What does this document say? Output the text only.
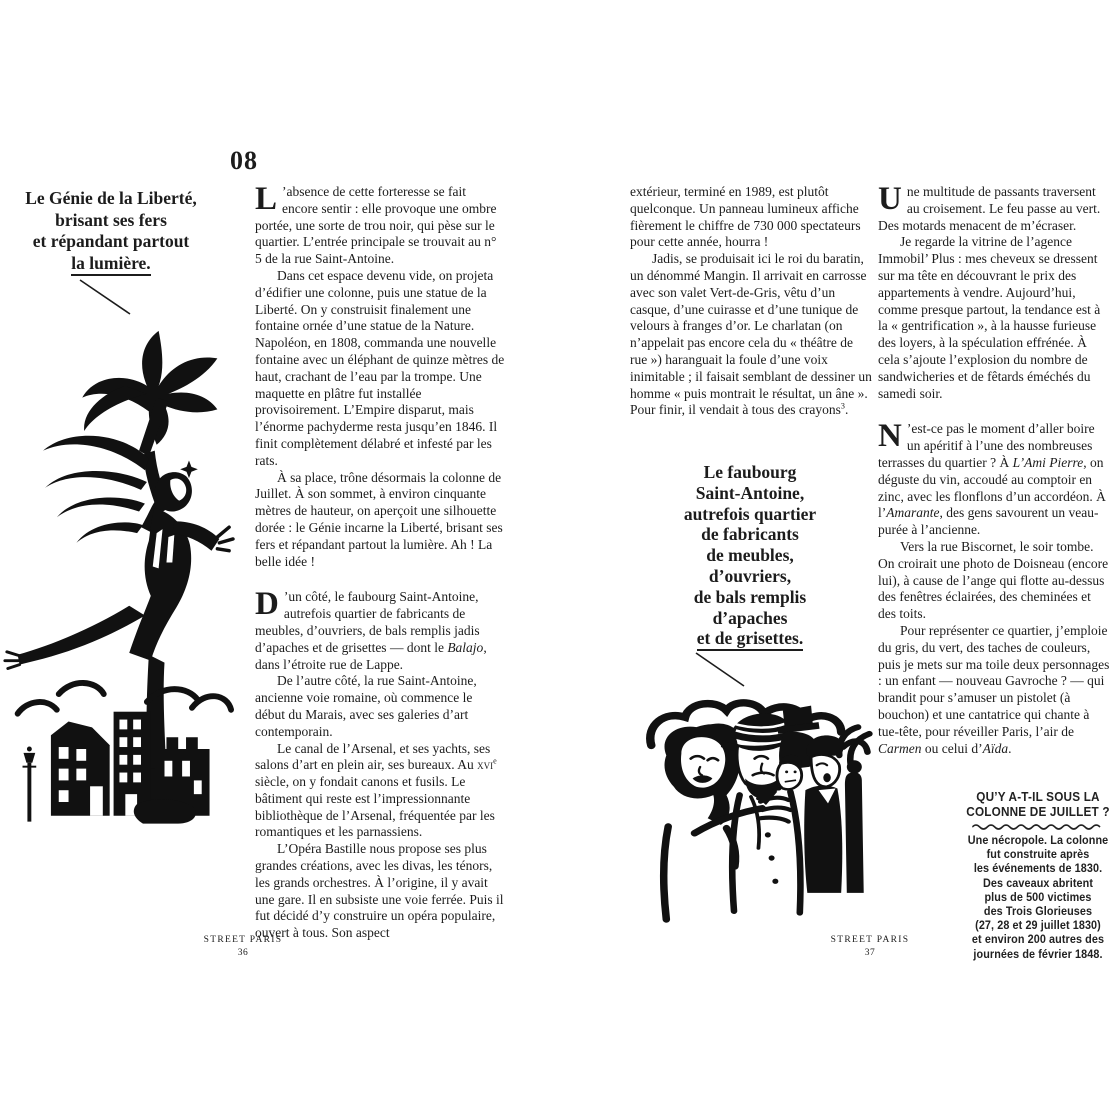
08
Le Génie de la Liberté,
brisant ses fers
et répandant partout
la lumière.

L ’absence de cette forteresse se fait encore sentir : elle provoque une ombre portée, une sorte de trou noir, qui pèse sur le quartier. L’entrée principale se trouvait au n° 5 de la rue Saint-Antoine.

Dans cet espace devenu vide, on projeta d’édifier une colonne, puis une statue de la Liberté. On y construisit finalement une fontaine ornée d’une statue de la Nature. Napoléon, en 1808, commanda une nouvelle fontaine avec un éléphant de quinze mètres de haut, crachant de l’eau par la trompe. Une maquette en plâtre fut installée provisoirement. L’Empire disparut, mais l’énorme pachyderme resta jusqu’en 1846. Il finit complètement délabré et infesté par les rats.

À sa place, trône désormais la colonne de Juillet. À son sommet, à environ cinquante mètres de hauteur, on aperçoit une silhouette dorée : le Génie incarne la Liberté, brisant ses fers et répandant partout la lumière. Ah ! La belle idée !

D ’un côté, le faubourg Saint-Antoine, autrefois quartier de fabricants de meubles, d’ouvriers, de bals remplis jadis d’apaches et de grisettes — dont le Balajo, dans l’étroite rue de Lappe.

De l’autre côté, la rue Saint-Antoine, ancienne voie romaine, où commence le début du Marais, avec ses galeries d’art contemporain.

Le canal de l’Arsenal, et ses yachts, ses salons d’art en plein air, ses bureaux. Au xvi$^e$ siècle, on y fondait canons et fusils. Le bâtiment qui reste est l’impressionnante bibliothèque de l’Arsenal, fréquentée par les romantiques et les parnassiens.

L’Opéra Bastille nous propose ses plus grandes créations, avec les divas, les ténors, les grands orchestres. À l’origine, il y avait une gare. Il en subsiste une voie ferrée. Puis il fut décidé d’y construire un opéra populaire, ouvert à tous. Son aspect

STREET PARIS
36

extérieur, terminé en 1989, est plutôt quelconque. Un panneau lumineux affiche fièrement le chiffre de 730 000 spectateurs pour cette année, hourra !

Jadis, se produisait ici le roi du baratin, un dénommé Mangin. Il arrivait en carrosse avec son valet Vert-de-Gris, vêtu d’un casque, d’une cuirasse et d’une tunique de velours à franges d’or. Le charlatan (on n’appelait pas encore cela du « théâtre de rue ») haranguait la foule d’une voix inimitable ; il faisait semblant de dessiner un homme « puis montrait le résultat, un âne ». Pour finir, il vendait à tous des crayons$^3$.

Le faubourg
Saint-Antoine,
autrefois quartier
de fabricants
de meubles,
d’ouvriers,
de bals remplis
d’apaches
et de grisettes.

Une multitude de passants traversent au croisement. Le feu passe au vert. Des motards menacent de m’écraser.

Je regarde la vitrine de l’agence Immobil’ Plus : mes cheveux se dressent sur ma tête en découvrant le prix des appartements à vendre. Aujourd’hui, comme presque partout, la tendance est à la « gentrification », à la hausse furieuse des loyers, à la spéculation effrénée. À cela s’ajoute l’explosion du nombre de sandwicheries et de fêtards éméchés du samedi soir.

N ’est-ce pas le moment d’aller boire un apéritif à l’une des nombreuses terrasses du quartier ? À L’Ami Pierre, on déguste du vin, accoudé au comptoir en zinc, avec les flonflons d’un accordéon. À l’Amarante, des gens savourent un veau-purée à l’ancienne.

Vers la rue Biscornet, le soir tombe. On croirait une photo de Doisneau (encore lui), à cause de l’ange qui flotte au-dessus des fenêtres éclairées, des cheminées et des toits.

Pour représenter ce quartier, j’emploie du gris, du vert, des taches de couleurs, puis je mets sur ma toile deux personnages : un enfant — nouveau Gavroche ? — qui brandit pour s’amuser un pistolet (à bouchon) et une cantatrice qui chante à tue-tête, pour réveiller Paris, l’air de Carmen ou celui d’Aïda.

QU’Y A-T-IL SOUS LA
COLONNE DE JUILLET ?
Une nécropole. La colonne
fut construite après
les événements de 1830.
Des caveaux abritent
plus de 500 victimes
des Trois Glorieuses
(27, 28 et 29 juillet 1830)
et environ 200 autres des
journées de février 1848.
STREET PARIS
37
